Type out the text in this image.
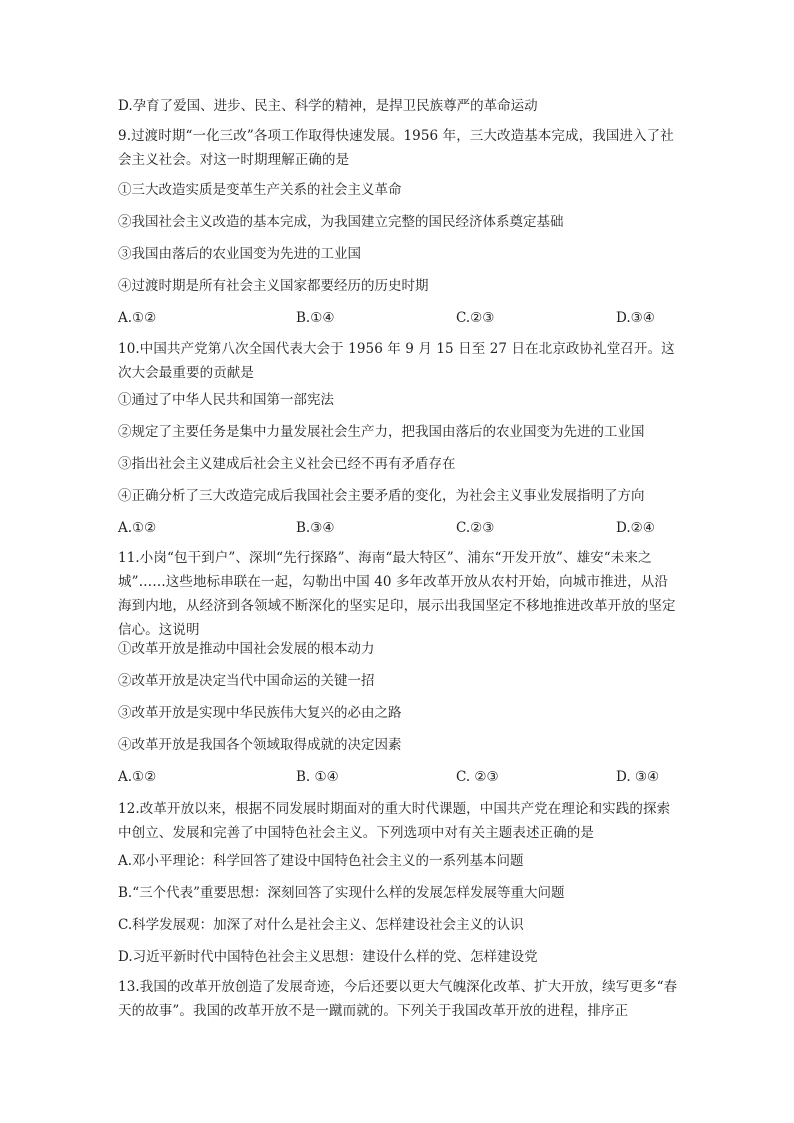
D.孕育了爱国、进步、民主、科学的精神，是捍卫民族尊严的革命运动
9.过渡时期“一化三改”各项工作取得快速发展。1956 年，三大改造基本完成，我国进入了社会主义社会。对这一时期理解正确的是
①三大改造实质是变革生产关系的社会主义革命
②我国社会主义改造的基本完成，为我国建立完整的国民经济体系奠定基础
③我国由落后的农业国变为先进的工业国
④过渡时期是所有社会主义国家都要经历的历史时期
A.①②	B.①④	C.②③	D.③④
10.中国共产党第八次全国代表大会于 1956 年 9 月 15 日至 27 日在北京政协礼堂召开。这次大会最重要的贡献是
①通过了中华人民共和国第一部宪法
②规定了主要任务是集中力量发展社会生产力，把我国由落后的农业国变为先进的工业国
③指出社会主义建成后社会主义社会已经不再有矛盾存在
④正确分析了三大改造完成后我国社会主要矛盾的变化，为社会主义事业发展指明了方向
A.①②	B.③④	C.②③	D.②④
11.小岗“包干到户”、深圳“先行探路”、海南“最大特区”、浦东“开发开放”、雄安“未来之城”……这些地标串联在一起，勾勒出中国 40 多年改革开放从农村开始，向城市推进，从沿海到内地，从经济到各领域不断深化的坚实足印，展示出我国坚定不移地推进改革开放的坚定信心。这说明
①改革开放是推动中国社会发展的根本动力
②改革开放是决定当代中国命运的关键一招
③改革开放是实现中华民族伟大复兴的必由之路
④改革开放是我国各个领域取得成就的决定因素
A.①②	B. ①④	C. ②③	D. ③④
12.改革开放以来，根据不同发展时期面对的重大时代课题，中国共产党在理论和实践的探索中创立、发展和完善了中国特色社会主义。下列选项中对有关主题表述正确的是
A.邓小平理论：科学回答了建设中国特色社会主义的一系列基本问题
B.“三个代表”重要思想：深刻回答了实现什么样的发展怎样发展等重大问题
C.科学发展观：加深了对什么是社会主义、怎样建设社会主义的认识
D.习近平新时代中国特色社会主义思想：建设什么样的党、怎样建设党
13.我国的改革开放创造了发展奇迹，今后还要以更大气魄深化改革、扩大开放，续写更多“春天的故事”。我国的改革开放不是一蹴而就的。下列关于我国改革开放的进程，排序正
